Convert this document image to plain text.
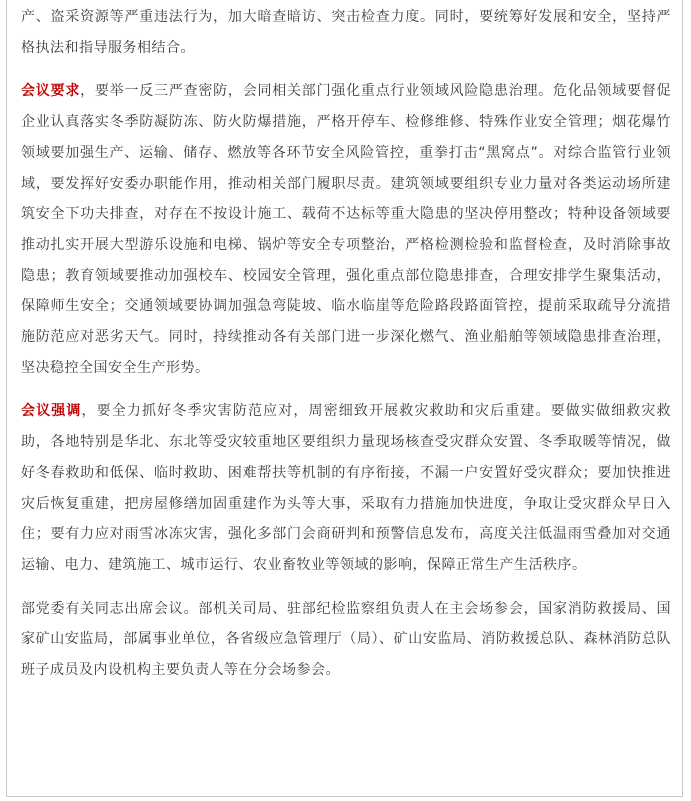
产、盗采资源等严重违法行为，加大暗查暗访、突击检查力度。同时，要统筹好发展和安全，坚持严格执法和指导服务相结合。

会议要求，要举一反三严查密防，会同相关部门强化重点行业领域风险隐患治理。危化品领域要督促企业认真落实冬季防凝防冻、防火防爆措施，严格开停车、检修维修、特殊作业安全管理；烟花爆竹领域要加强生产、运输、储存、燃放等各环节安全风险管控，重拳打击“黑窝点”。对综合监管行业领域，要发挥好安委办职能作用，推动相关部门履职尽责。建筑领域要组织专业力量对各类运动场所建筑安全下功夫排查，对存在不按设计施工、载荷不达标等重大隐患的坚决停用整改；特种设备领域要推动扎实开展大型游乐设施和电梯、锅炉等安全专项整治，严格检测检验和监督检查，及时消除事故隐患；教育领域要推动加强校车、校园安全管理，强化重点部位隐患排查，合理安排学生聚集活动，保障师生安全；交通领域要协调加强急弯陡坡、临水临崖等危险路段路面管控，提前采取疏导分流措施防范应对恶劣天气。同时，持续推动各有关部门进一步深化燃气、渔业船舶等领域隐患排查治理，坚决稳控全国安全生产形势。

会议强调，要全力抓好冬季灾害防范应对，周密细致开展救灾救助和灾后重建。要做实做细救灾救助，各地特别是华北、东北等受灾较重地区要组织力量现场核查受灾群众安置、冬季取暖等情况，做好冬春救助和低保、临时救助、困难帮扶等机制的有序衔接，不漏一户安置好受灾群众；要加快推进灾后恢复重建，把房屋修缮加固重建作为头等大事，采取有力措施加快进度，争取让受灾群众早日入住；要有力应对雨雪冰冻灾害，强化多部门会商研判和预警信息发布，高度关注低温雨雪叠加对交通运输、电力、建筑施工、城市运行、农业畜牧业等领域的影响，保障正常生产生活秩序。

部党委有关同志出席会议。部机关司局、驻部纪检监察组负责人在主会场参会，国家消防救援局、国家矿山安监局，部属事业单位，各省级应急管理厅（局）、矿山安监局、消防救援总队、森林消防总队班子成员及内设机构主要负责人等在分会场参会。
